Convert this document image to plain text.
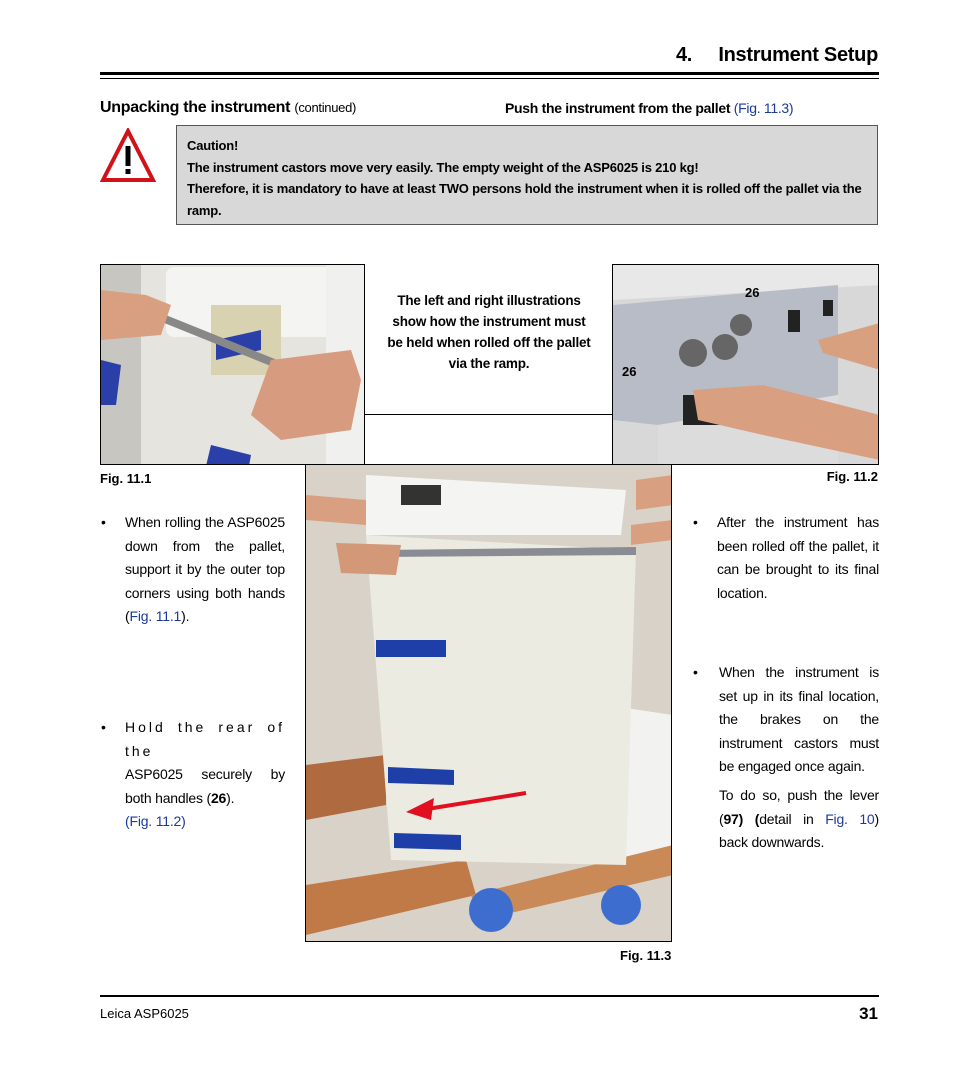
4.     Instrument Setup
Unpacking the instrument (continued)	Push the instrument from the pallet (Fig. 11.3)
Caution!
The instrument castors move very easily. The empty weight of the ASP6025 is 210 kg!
Therefore, it is mandatory to have at least TWO persons hold the instrument when it is rolled off the pallet via the ramp.
The left and right illustrations
show how the instrument must
be held when rolled off the pallet
via the ramp.
26
26
Fig. 11.1	Fig. 11.2
Fig. 11.3
• When rolling the ASP6025 down from the pallet, support it by the outer top corners using both hands (Fig. 11.1).
• Hold the rear of the
ASP6025 securely by both handles (26).
(Fig. 11.2)
• After the instrument has been rolled off the pallet, it can be brought to its final location.
• When the instrument is set up in its final location, the brakes on the instrument castors must be engaged once again.
To do so, push the lever (97) (detail in Fig. 10) back downwards.
Leica ASP6025	31
